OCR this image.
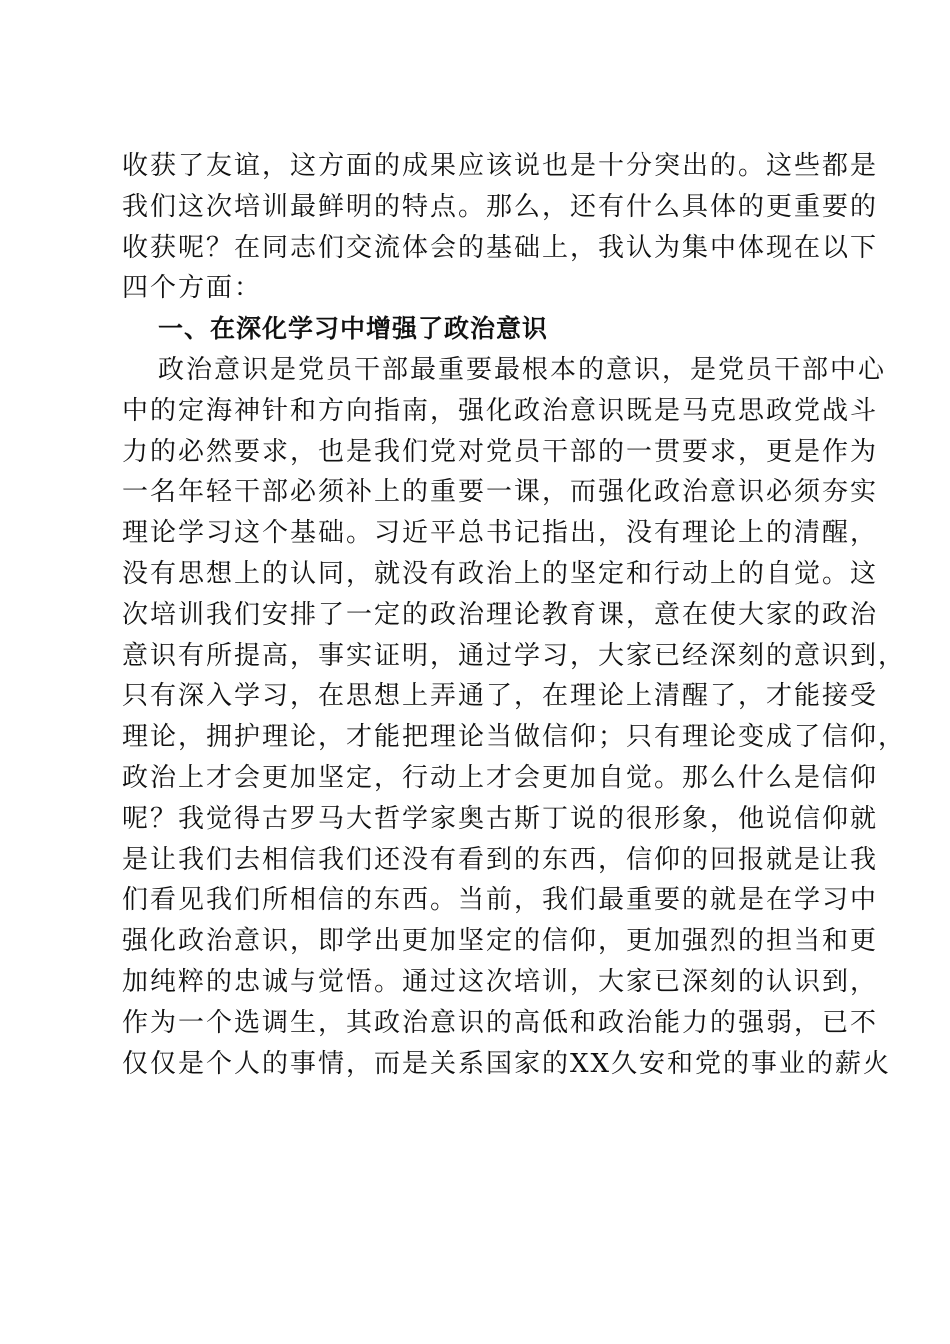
收获了友谊，这方面的成果应该说也是十分突出的。这些都是
我们这次培训最鲜明的特点。那么，还有什么具体的更重要的
收获呢？在同志们交流体会的基础上，我认为集中体现在以下
四个方面：
一、在深化学习中增强了政治意识
政治意识是党员干部最重要最根本的意识，是党员干部中心
中的定海神针和方向指南，强化政治意识既是马克思政党战斗
力的必然要求，也是我们党对党员干部的一贯要求，更是作为
一名年轻干部必须补上的重要一课，而强化政治意识必须夯实
理论学习这个基础。习近平总书记指出，没有理论上的清醒，
没有思想上的认同，就没有政治上的坚定和行动上的自觉。这
次培训我们安排了一定的政治理论教育课，意在使大家的政治
意识有所提高，事实证明，通过学习，大家已经深刻的意识到，
只有深入学习，在思想上弄通了，在理论上清醒了，才能接受
理论，拥护理论，才能把理论当做信仰；只有理论变成了信仰，
政治上才会更加坚定，行动上才会更加自觉。那么什么是信仰
呢？我觉得古罗马大哲学家奥古斯丁说的很形象，他说信仰就
是让我们去相信我们还没有看到的东西，信仰的回报就是让我
们看见我们所相信的东西。当前，我们最重要的就是在学习中
强化政治意识，即学出更加坚定的信仰，更加强烈的担当和更
加纯粹的忠诚与觉悟。通过这次培训，大家已深刻的认识到，
作为一个选调生，其政治意识的高低和政治能力的强弱，已不
仅仅是个人的事情，而是关系国家的XX久安和党的事业的薪火
